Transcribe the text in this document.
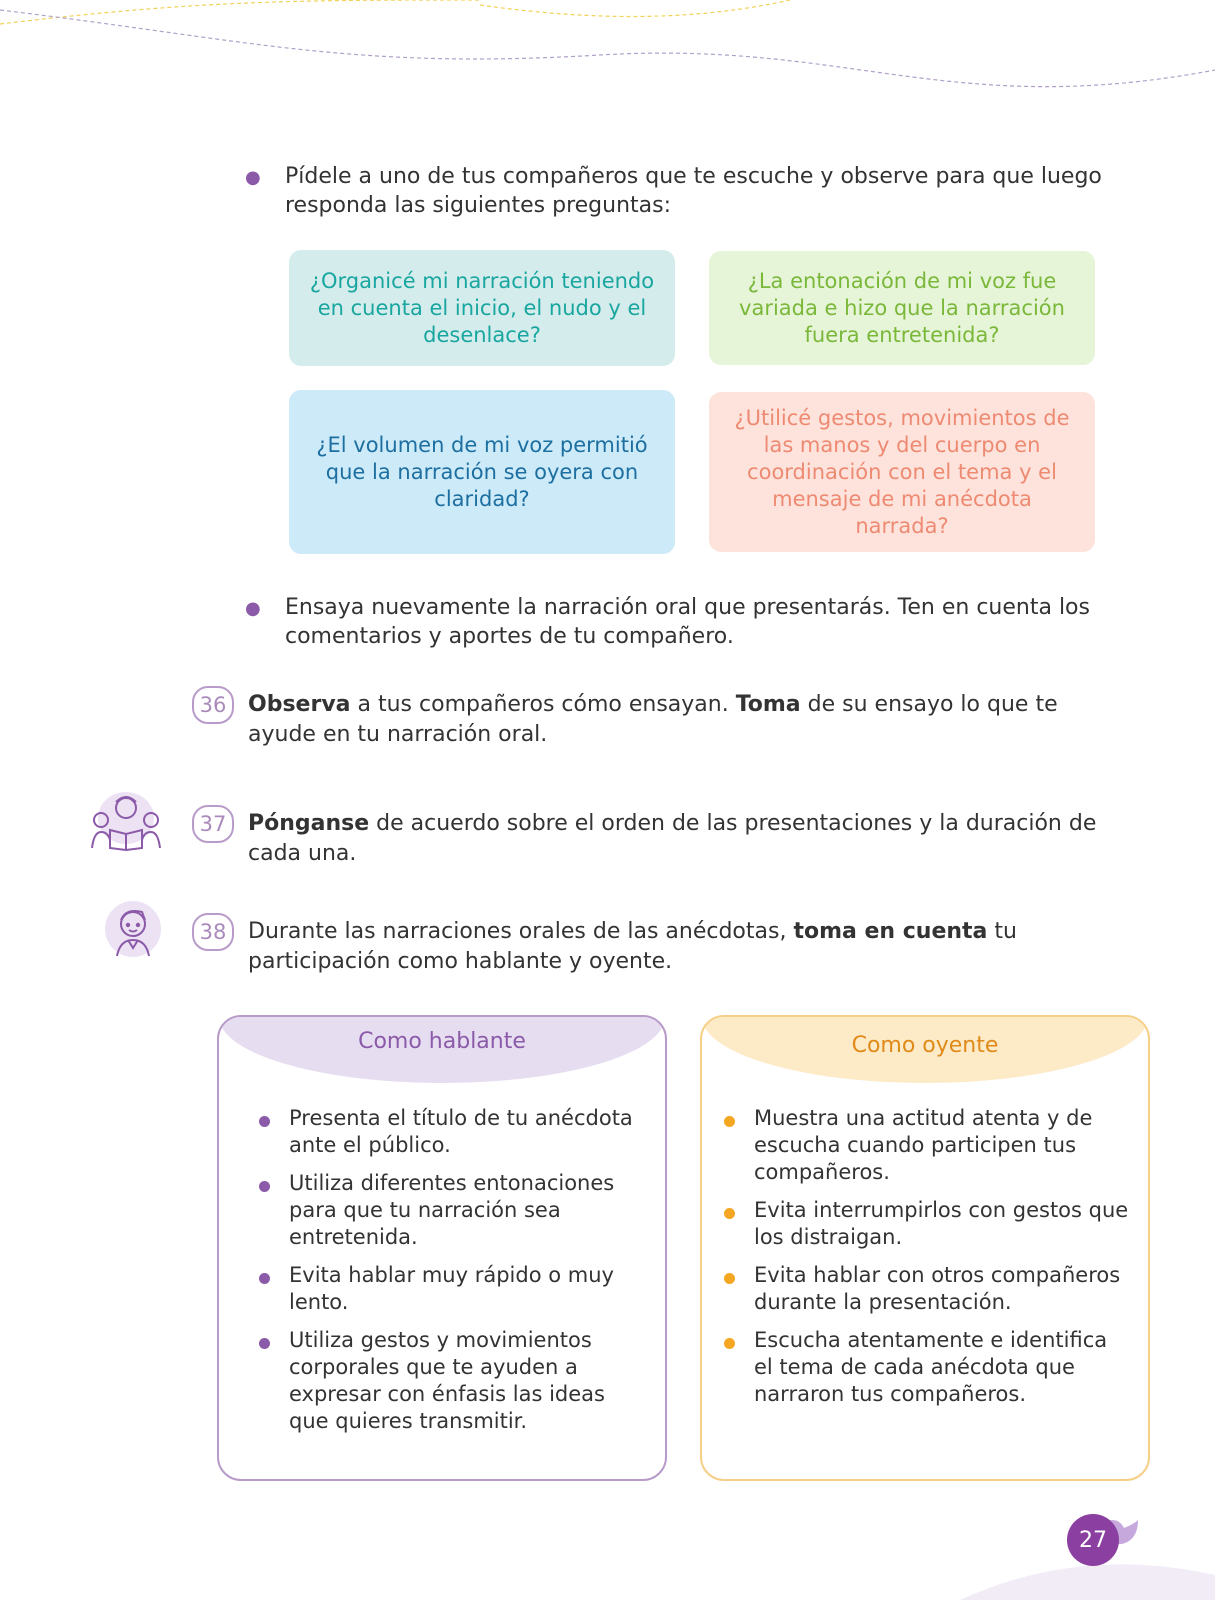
● Pídele a uno de tus compañeros que te escuche y observe para que luego responda las siguientes preguntas:
¿Organicé mi narración teniendo en cuenta el inicio, el nudo y el desenlace?
¿La entonación de mi voz fue variada e hizo que la narración fuera entretenida?
¿El volumen de mi voz permitió que la narración se oyera con claridad?
¿Utilicé gestos, movimientos de las manos y del cuerpo en coordinación con el tema y el mensaje de mi anécdota narrada?
● Ensaya nuevamente la narración oral que presentarás. Ten en cuenta los comentarios y aportes de tu compañero.
36 Observa a tus compañeros cómo ensayan. Toma de su ensayo lo que te ayude en tu narración oral.
37 Pónganse de acuerdo sobre el orden de las presentaciones y la duración de cada una.
38 Durante las narraciones orales de las anécdotas, toma en cuenta tu participación como hablante y oyente.
Como hablante
Presenta el título de tu anécdota ante el público.
Utiliza diferentes entonaciones para que tu narración sea entretenida.
Evita hablar muy rápido o muy lento.
Utiliza gestos y movimientos corporales que te ayuden a expresar con énfasis las ideas que quieres transmitir.
Como oyente
Muestra una actitud atenta y de escucha cuando participen tus compañeros.
Evita interrumpirlos con gestos que los distraigan.
Evita hablar con otros compañeros durante la presentación.
Escucha atentamente e identifica el tema de cada anécdota que narraron tus compañeros.
27
